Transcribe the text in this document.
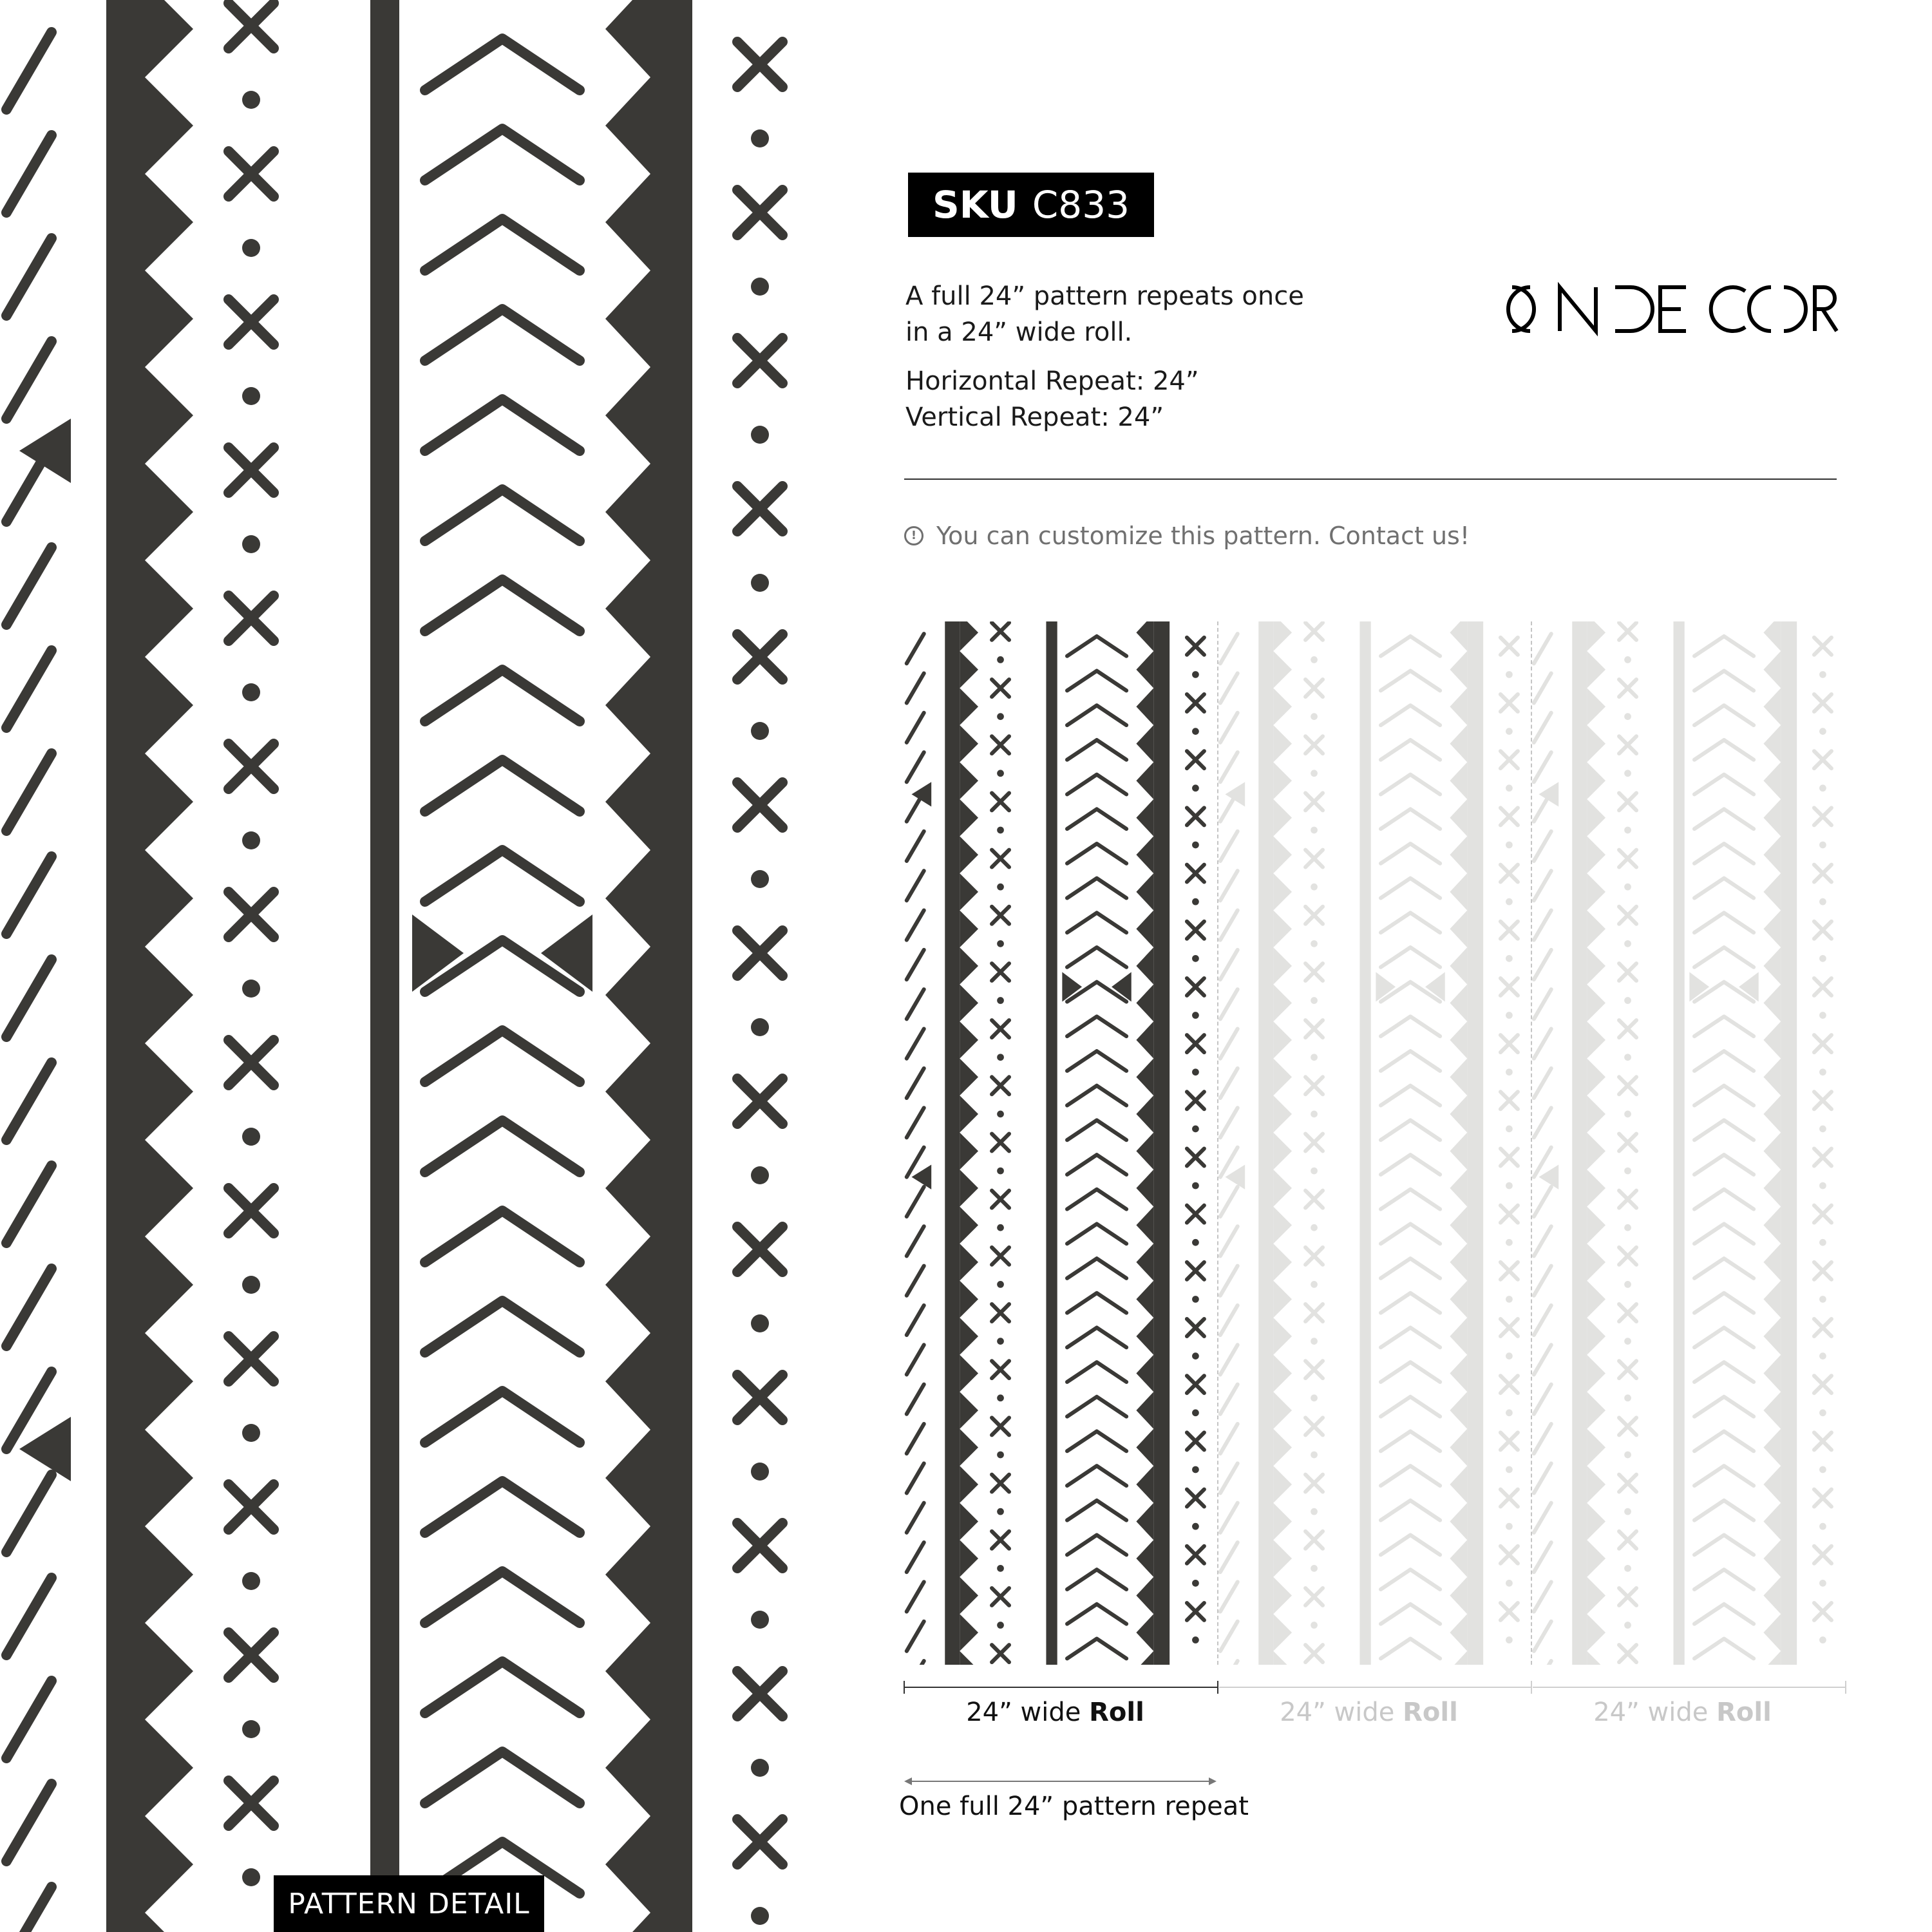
PATTERN DETAIL
SKU C833
A full 24” pattern repeats once
in a 24” wide roll.
Horizontal Repeat: 24”
Vertical Repeat: 24”
! You can customize this pattern. Contact us!
24” wide Roll	24” wide Roll	24” wide Roll
One full 24” pattern repeat
